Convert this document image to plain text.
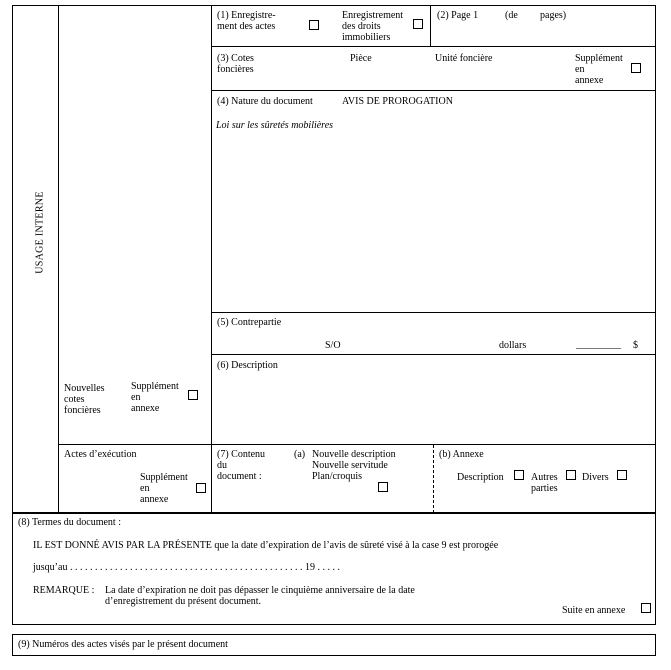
USAGE INTERNE
Nouvelles
cotes
foncières
Supplément
en
annexe
Actes d’exécution
Supplément
en
annexe
(1) Enregistre-
ment des actes
Enregistrement
des droits
immobiliers
(2) Page 1	(de pages)
(3) Cotes
foncières
Pièce	Unité foncière	Supplément
en
annexe
(4) Nature du document	AVIS DE PROROGATION
Loi sur les sûretés mobilières
(5) Contrepartie
S/O	dollars	_________ $
(6) Description
(7) Contenu
du
document :
(a) Nouvelle description
Nouvelle servitude
Plan/croquis
(b) Annexe
Description	Autres
parties
Divers
(8) Termes du document :
IL EST DONNÉ AVIS PAR LA PRÉSENTE que la date d’expiration de l’avis de sûreté visé à la case 9 est prorogée
jusqu’au . . . . . . . . . . . . . . . . . . . . . . . . . . . . . . . . . . . . . . . . . . . . . . . 19 . . . . .
REMARQUE : La date d’expiration ne doit pas dépasser le cinquième anniversaire de la date
d’enregistrement du présent document.
Suite en annexe
(9) Numéros des actes visés par le présent document
